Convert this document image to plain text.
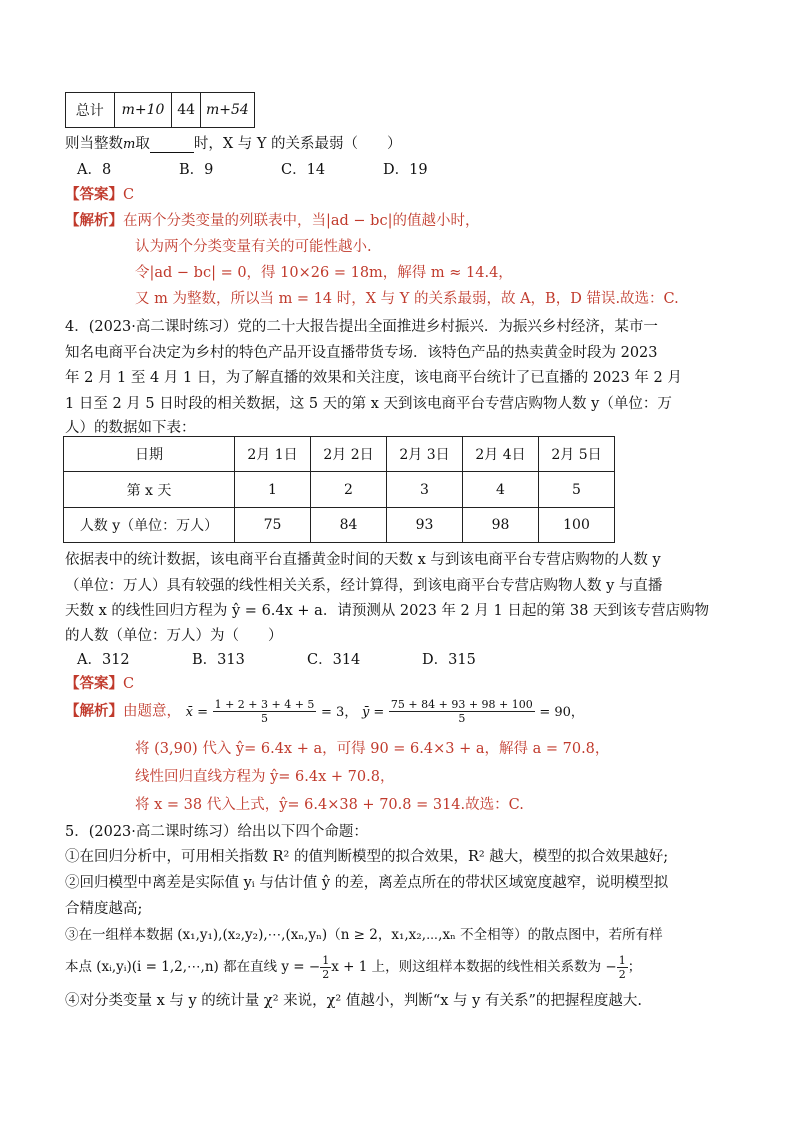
总计	m+10	44	m+54
则当整数m取	时，X 与 Y 的关系最弱（　　）
A．8	B．9	C．14	D．19
【答案】C
【解析】在两个分类变量的列联表中，当|ad − bc|的值越小时，
认为两个分类变量有关的可能性越小.
令|ad − bc| = 0，得 10×26 = 18m，解得 m ≈ 14.4，
又 m 为整数，所以当 m = 14 时，X 与 Y 的关系最弱，故 A，B，D 错误.故选：C.
4．(2023·高二课时练习）党的二十大报告提出全面推进乡村振兴．为振兴乡村经济，某市一
知名电商平台决定为乡村的特色产品开设直播带货专场．该特色产品的热卖黄金时段为 2023
年 2 月 1 至 4 月 1 日，为了解直播的效果和关注度，该电商平台统计了已直播的 2023 年 2 月
1 日至 2 月 5 日时段的相关数据，这 5 天的第 x 天到该电商平台专营店购物人数 y（单位：万
人）的数据如下表：
日期	2月 1日	2月 2日	2月 3日	2月 4日	2月 5日
第 x 天	1	2	3	4	5
人数 y（单位：万人）	75	84	93	98	100
依据表中的统计数据，该电商平台直播黄金时间的天数 x 与到该电商平台专营店购物的人数 y
（单位：万人）具有较强的线性相关关系，经计算得，到该电商平台专营店购物人数 y 与直播
天数 x 的线性回归方程为 ŷ = 6.4x + a．请预测从 2023 年 2 月 1 日起的第 38 天到该专营店购物
的人数（单位：万人）为（　　）
A．312	B．313	C．314	D．315
【答案】C
【解析】由题意， x̄ = $\frac{1 + 2 + 3 + 4 + 5}{5} = 3$， ȳ = $\frac{75 + 84 + 93 + 98 + 100}{5} = 90$，
将 (3,90) 代入 ŷ= 6.4x + a，可得 90 = 6.4×3 + a，解得 a = 70.8，
线性回归直线方程为 ŷ= 6.4x + 70.8，
将 x = 38 代入上式，ŷ= 6.4×38 + 70.8 = 314.故选：C.
5．(2023·高二课时练习）给出以下四个命题：
①在回归分析中，可用相关指数 R² 的值判断模型的拟合效果，R² 越大，模型的拟合效果越好;
②回归模型中离差是实际值 yᵢ 与估计值 ŷ 的差，离差点所在的带状区域宽度越窄，说明模型拟
合精度越高;
③在一组样本数据 (x₁,y₁),(x₂,y₂),⋯,(xₙ,yₙ)（n ≥ 2，x₁,x₂,⋯,xₙ 不全相等）的散点图中，若所有样
本点 (xᵢ,yᵢ)(i = 1,2,⋯,n) 都在直线 y = − $\frac{1}{2}$ x + 1 上，则这组样本数据的线性相关系数为 − $\frac{1}{2}$ ；
④对分类变量 x 与 y 的统计量 χ² 来说，χ² 值越小，判断“x 与 y 有关系”的把握程度越大.
